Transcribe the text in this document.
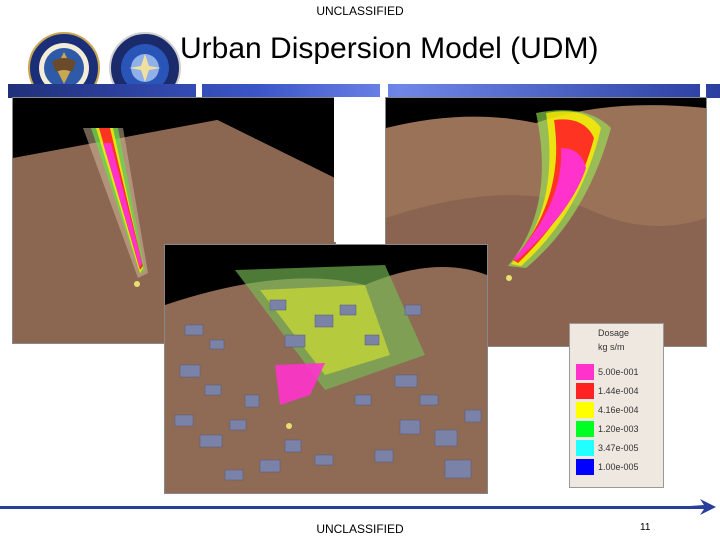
UNCLASSIFIED
Urban Dispersion Model (UDM)
Dosage
kg s/m
5.00e-001
1.44e-004
4.16e-004
1.20e-003
3.47e-005
1.00e-005
UNCLASSIFIED	11
